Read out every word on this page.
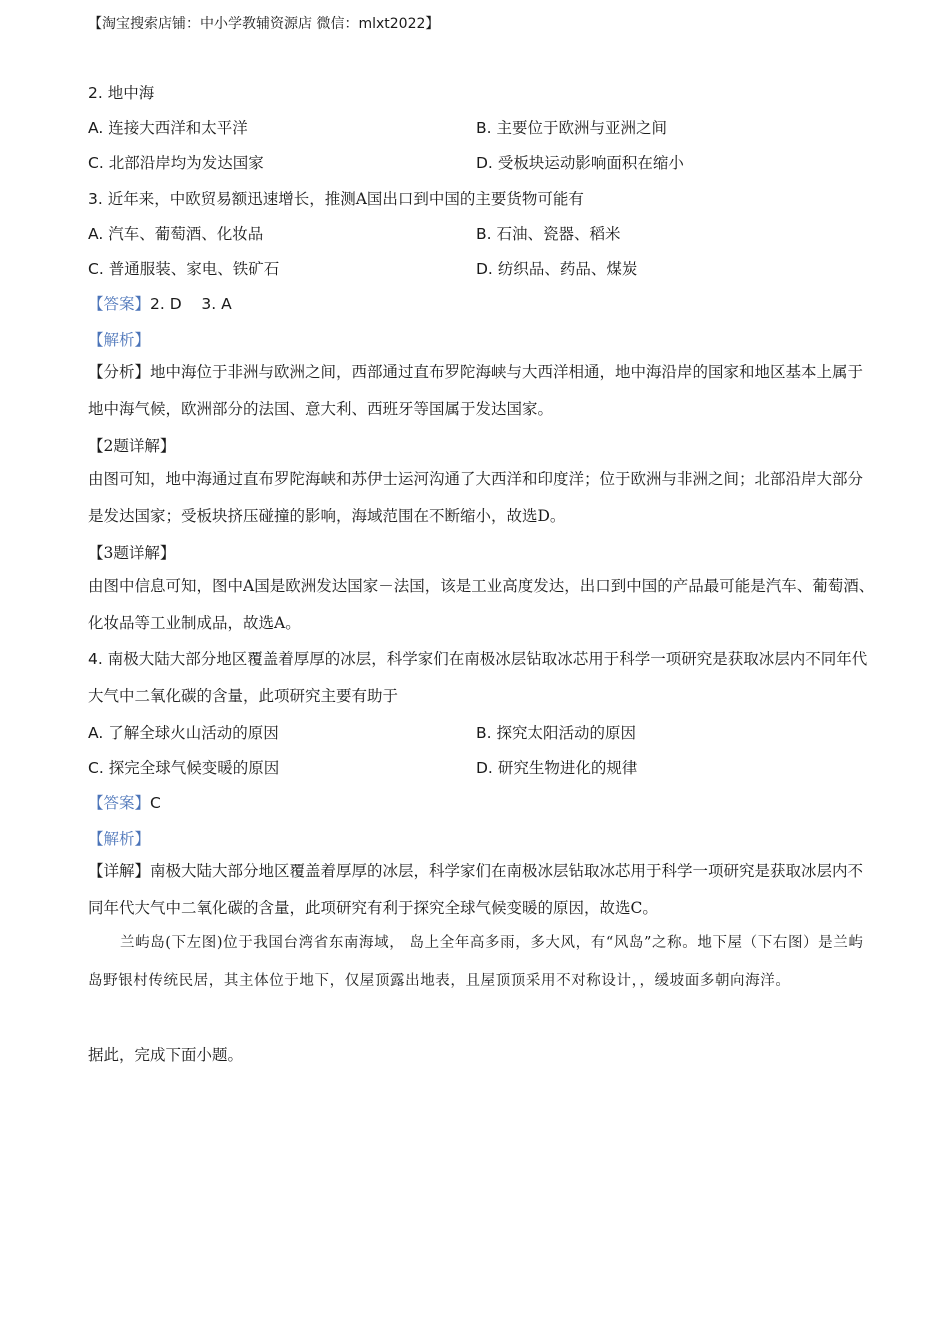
【淘宝搜索店铺：中小学教辅资源店 微信：mlxt2022】
2. 地中海
A. 连接大西洋和太平洋	B. 主要位于欧洲与亚洲之间
C. 北部沿岸均为发达国家	D. 受板块运动影响面积在缩小
3. 近年来，中欧贸易额迅速增长，推测A国出口到中国的主要货物可能有
A. 汽车、葡萄酒、化妆品	B. 石油、瓷器、稻米
C. 普通服装、家电、铁矿石	D. 纺织品、药品、煤炭
【答案】2. D    3. A
【解析】
【分析】地中海位于非洲与欧洲之间，西部通过直布罗陀海峡与大西洋相通，地中海沿岸的国家和地区基本上属于地中海气候，欧洲部分的法国、意大利、西班牙等国属于发达国家。
【2题详解】
由图可知，地中海通过直布罗陀海峡和苏伊士运河沟通了大西洋和印度洋；位于欧洲与非洲之间；北部沿岸大部分是发达国家；受板块挤压碰撞的影响，海域范围在不断缩小，故选D。
【3题详解】
由图中信息可知，图中A国是欧洲发达国家－法国，该是工业高度发达，出口到中国的产品最可能是汽车、葡萄酒、化妆品等工业制成品，故选A。
4. 南极大陆大部分地区覆盖着厚厚的冰层，科学家们在南极冰层钻取冰芯用于科学一项研究是获取冰层内不同年代大气中二氧化碳的含量，此项研究主要有助于
A. 了解全球火山活动的原因	B. 探究太阳活动的原因
C. 探完全球气候变暖的原因	D. 研究生物进化的规律
【答案】C
【解析】
【详解】南极大陆大部分地区覆盖着厚厚的冰层，科学家们在南极冰层钻取冰芯用于科学一项研究是获取冰层内不同年代大气中二氧化碳的含量，此项研究有利于探究全球气候变暖的原因，故选C。
兰屿岛(下左图)位于我国台湾省东南海域， 岛上全年高多雨，多大风，有“风岛”之称。地下屋（下右图）是兰屿岛野银村传统民居，其主体位于地下，仅屋顶露出地表，且屋顶顶采用不对称设计，，缓坡面多朝向海洋。
据此，完成下面小题。
